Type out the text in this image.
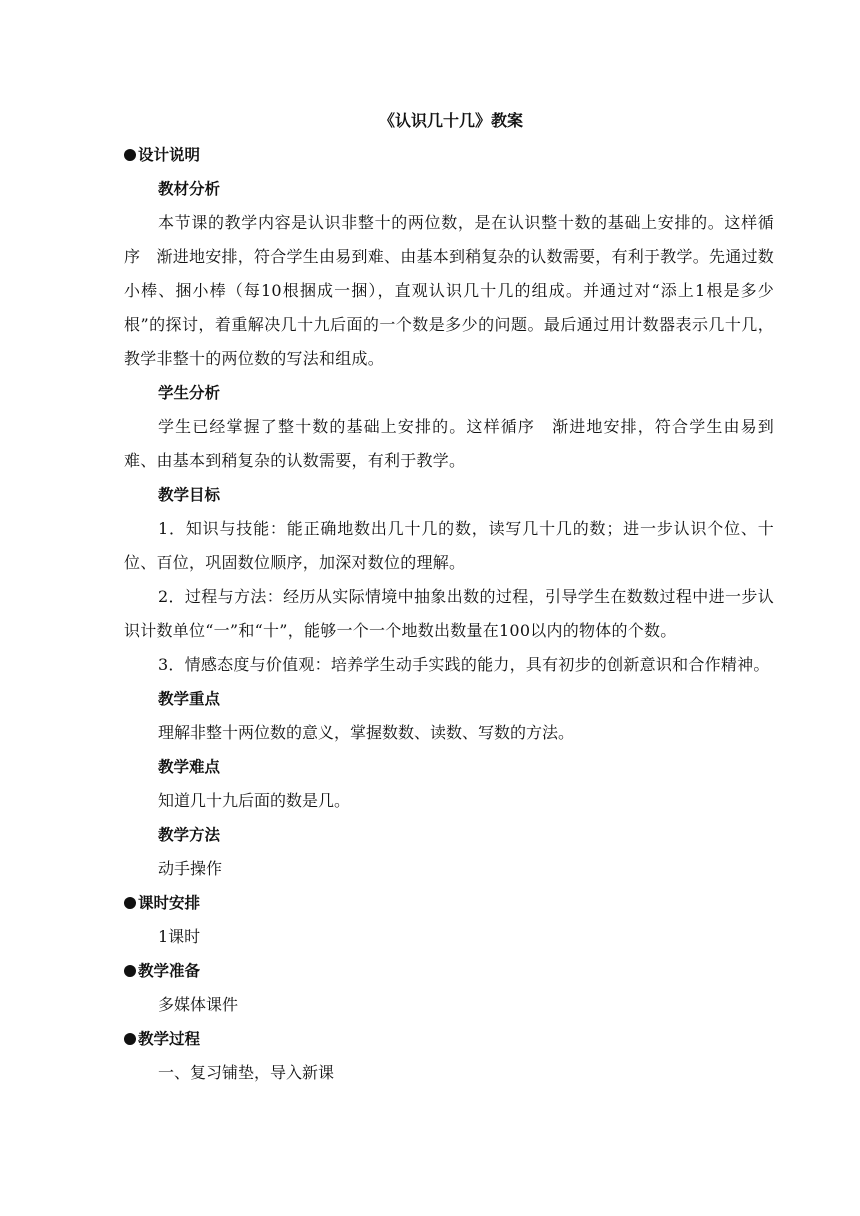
《认识几十几》教案
设计说明
教材分析
本节课的教学内容是认识非整十的两位数，是在认识整十数的基础上安排的。这样循序　渐进地安排，符合学生由易到难、由基本到稍复杂的认数需要，有利于教学。先通过数小棒、捆小棒（每10根捆成一捆），直观认识几十几的组成。并通过对“添上1根是多少根”的探讨，着重解决几十九后面的一个数是多少的问题。最后通过用计数器表示几十几，教学非整十的两位数的写法和组成。
学生分析
学生已经掌握了整十数的基础上安排的。这样循序　渐进地安排，符合学生由易到难、由基本到稍复杂的认数需要，有利于教学。
教学目标
1．知识与技能：能正确地数出几十几的数，读写几十几的数；进一步认识个位、十位、百位，巩固数位顺序，加深对数位的理解。
2．过程与方法：经历从实际情境中抽象出数的过程，引导学生在数数过程中进一步认识计数单位“一”和“十”，能够一个一个地数出数量在100以内的物体的个数。
3．情感态度与价值观：培养学生动手实践的能力，具有初步的创新意识和合作精神。
教学重点
理解非整十两位数的意义，掌握数数、读数、写数的方法。
教学难点
知道几十九后面的数是几。
教学方法
动手操作
课时安排
1课时
教学准备
多媒体课件
教学过程
一、复习铺垫，导入新课
